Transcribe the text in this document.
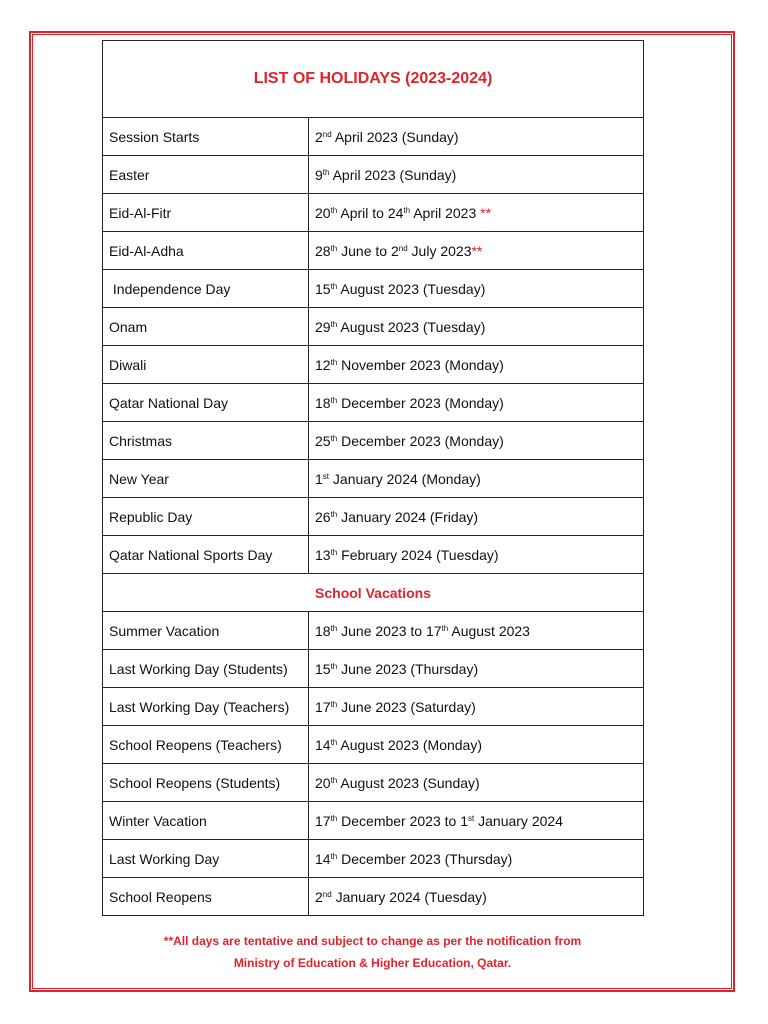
LIST OF HOLIDAYS (2023-2024)	
Session Starts	2nd April 2023 (Sunday)
Easter	9th April 2023 (Sunday)
Eid-Al-Fitr	20th April to 24th April 2023 **
Eid-Al-Adha	28th June to 2nd July 2023**
Independence Day	15th August 2023 (Tuesday)
Onam	29th August 2023 (Tuesday)
Diwali	12th November 2023 (Monday)
Qatar National Day	18th December 2023 (Monday)
Christmas	25th December 2023 (Monday)
New Year	1st January 2024 (Monday)
Republic Day	26th January 2024 (Friday)
Qatar National Sports Day	13th February 2024 (Tuesday)
School Vacations	
Summer Vacation	18th June 2023 to 17th August 2023
Last Working Day (Students)	15th June 2023 (Thursday)
Last Working Day (Teachers)	17th June 2023 (Saturday)
School Reopens (Teachers)	14th August 2023 (Monday)
School Reopens (Students)	20th August 2023 (Sunday)
Winter Vacation	17th December 2023 to 1st January 2024
Last Working Day	14th December 2023 (Thursday)
School Reopens	2nd January 2024 (Tuesday)
**All days are tentative and subject to change as per the notification from
Ministry of Education & Higher Education, Qatar.
